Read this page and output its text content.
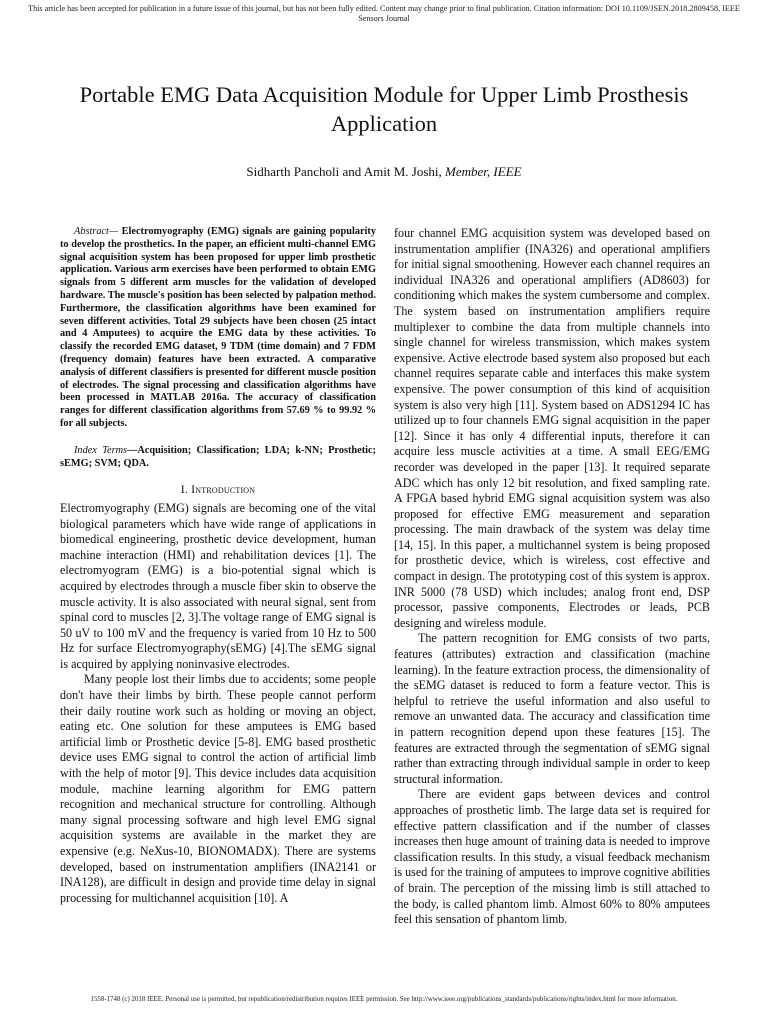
This article has been accepted for publication in a future issue of this journal, but has not been fully edited. Content may change prior to final publication. Citation information: DOI 10.1109/JSEN.2018.2809458, IEEE Sensors Journal
Portable EMG Data Acquisition Module for Upper Limb Prosthesis Application
Sidharth Pancholi and Amit M. Joshi, Member, IEEE

Abstract— Electromyography (EMG) signals are gaining popularity to develop the prosthetics. In the paper, an efficient multi-channel EMG signal acquisition system has been proposed for upper limb prosthetic application. Various arm exercises have been performed to obtain EMG signals from 5 different arm muscles for the validation of developed hardware. The muscle's position has been selected by palpation method. Furthermore, the classification algorithms have been examined for seven different activities. Total 29 subjects have been chosen (25 intact and 4 Amputees) to acquire the EMG data by these activities. To classify the recorded EMG dataset, 9 TDM (time domain) and 7 FDM (frequency domain) features have been extracted. A comparative analysis of different classifiers is presented for different muscle position of electrodes. The signal processing and classification algorithms have been processed in MATLAB 2016a. The accuracy of classification ranges for different classification algorithms from 57.69 % to 99.92 % for all subjects.

Index Terms—Acquisition; Classification; LDA; k-NN; Prosthetic; sEMG; SVM; QDA.

I. Introduction

Electromyography (EMG) signals are becoming one of the vital biological parameters which have wide range of applications in biomedical engineering, prosthetic device development, human machine interaction (HMI) and rehabilitation devices [1]. The electromyogram (EMG) is a bio-potential signal which is acquired by electrodes through a muscle fiber skin to observe the muscle activity. It is also associated with neural signal, sent from spinal cord to muscles [2, 3].The voltage range of EMG signal is 50 uV to 100 mV and the frequency is varied from 10 Hz to 500 Hz for surface Electromyography(sEMG) [4].The sEMG signal is acquired by applying noninvasive electrodes.

Many people lost their limbs due to accidents; some people don't have their limbs by birth. These people cannot perform their daily routine work such as holding or moving an object, eating etc. One solution for these amputees is EMG based artificial limb or Prosthetic device [5-8]. EMG based prosthetic device uses EMG signal to control the action of artificial limb with the help of motor [9]. This device includes data acquisition module, machine learning algorithm for EMG pattern recognition and mechanical structure for controlling. Although many signal processing software and high level EMG signal acquisition systems are available in the market they are expensive (e.g. NeXus-10, BIONOMADX). There are systems developed, based on instrumentation amplifiers (INA2141 or INA128), are difficult in design and provide time delay in signal processing for multichannel acquisition [10]. A

four channel EMG acquisition system was developed based on instrumentation amplifier (INA326) and operational amplifiers for initial signal smoothening. However each channel requires an individual INA326 and operational amplifiers (AD8603) for conditioning which makes the system cumbersome and complex. The system based on instrumentation amplifiers require multiplexer to combine the data from multiple channels into single channel for wireless transmission, which makes system expensive. Active electrode based system also proposed but each channel requires separate cable and interfaces this make system expensive. The power consumption of this kind of acquisition system is also very high [11]. System based on ADS1294 IC has utilized up to four channels EMG signal acquisition in the paper [12]. Since it has only 4 differential inputs, therefore it can acquire less muscle activities at a time. A small EEG/EMG recorder was developed in the paper [13]. It required separate ADC which has only 12 bit resolution, and fixed sampling rate. A FPGA based hybrid EMG signal acquisition system was also proposed for effective EMG measurement and separation processing. The main drawback of the system was delay time [14, 15]. In this paper, a multichannel system is being proposed for prosthetic device, which is wireless, cost effective and compact in design. The prototyping cost of this system is approx. INR 5000 (78 USD) which includes; analog front end, DSP processor, passive components, Electrodes or leads, PCB designing and wireless module.

The pattern recognition for EMG consists of two parts, features (attributes) extraction and classification (machine learning). In the feature extraction process, the dimensionality of the sEMG dataset is reduced to form a feature vector. This is helpful to retrieve the useful information and also useful to remove an unwanted data. The accuracy and classification time in pattern recognition depend upon these features [15]. The features are extracted through the segmentation of sEMG signal rather than extracting through individual sample in order to keep structural information.

There are evident gaps between devices and control approaches of prosthetic limb. The large data set is required for effective pattern classification and if the number of classes increases then huge amount of training data is needed to improve classification results. In this study, a visual feedback mechanism is used for the training of amputees to improve cognitive abilities of brain. The perception of the missing limb is still attached to the body, is called phantom limb. Almost 60% to 80% amputees feel this sensation of phantom limb.

1558-1748 (c) 2018 IEEE. Personal use is permitted, but republication/redistribution requires IEEE permission. See http://www.ieee.org/publications_standards/publications/rights/index.html for more information.
